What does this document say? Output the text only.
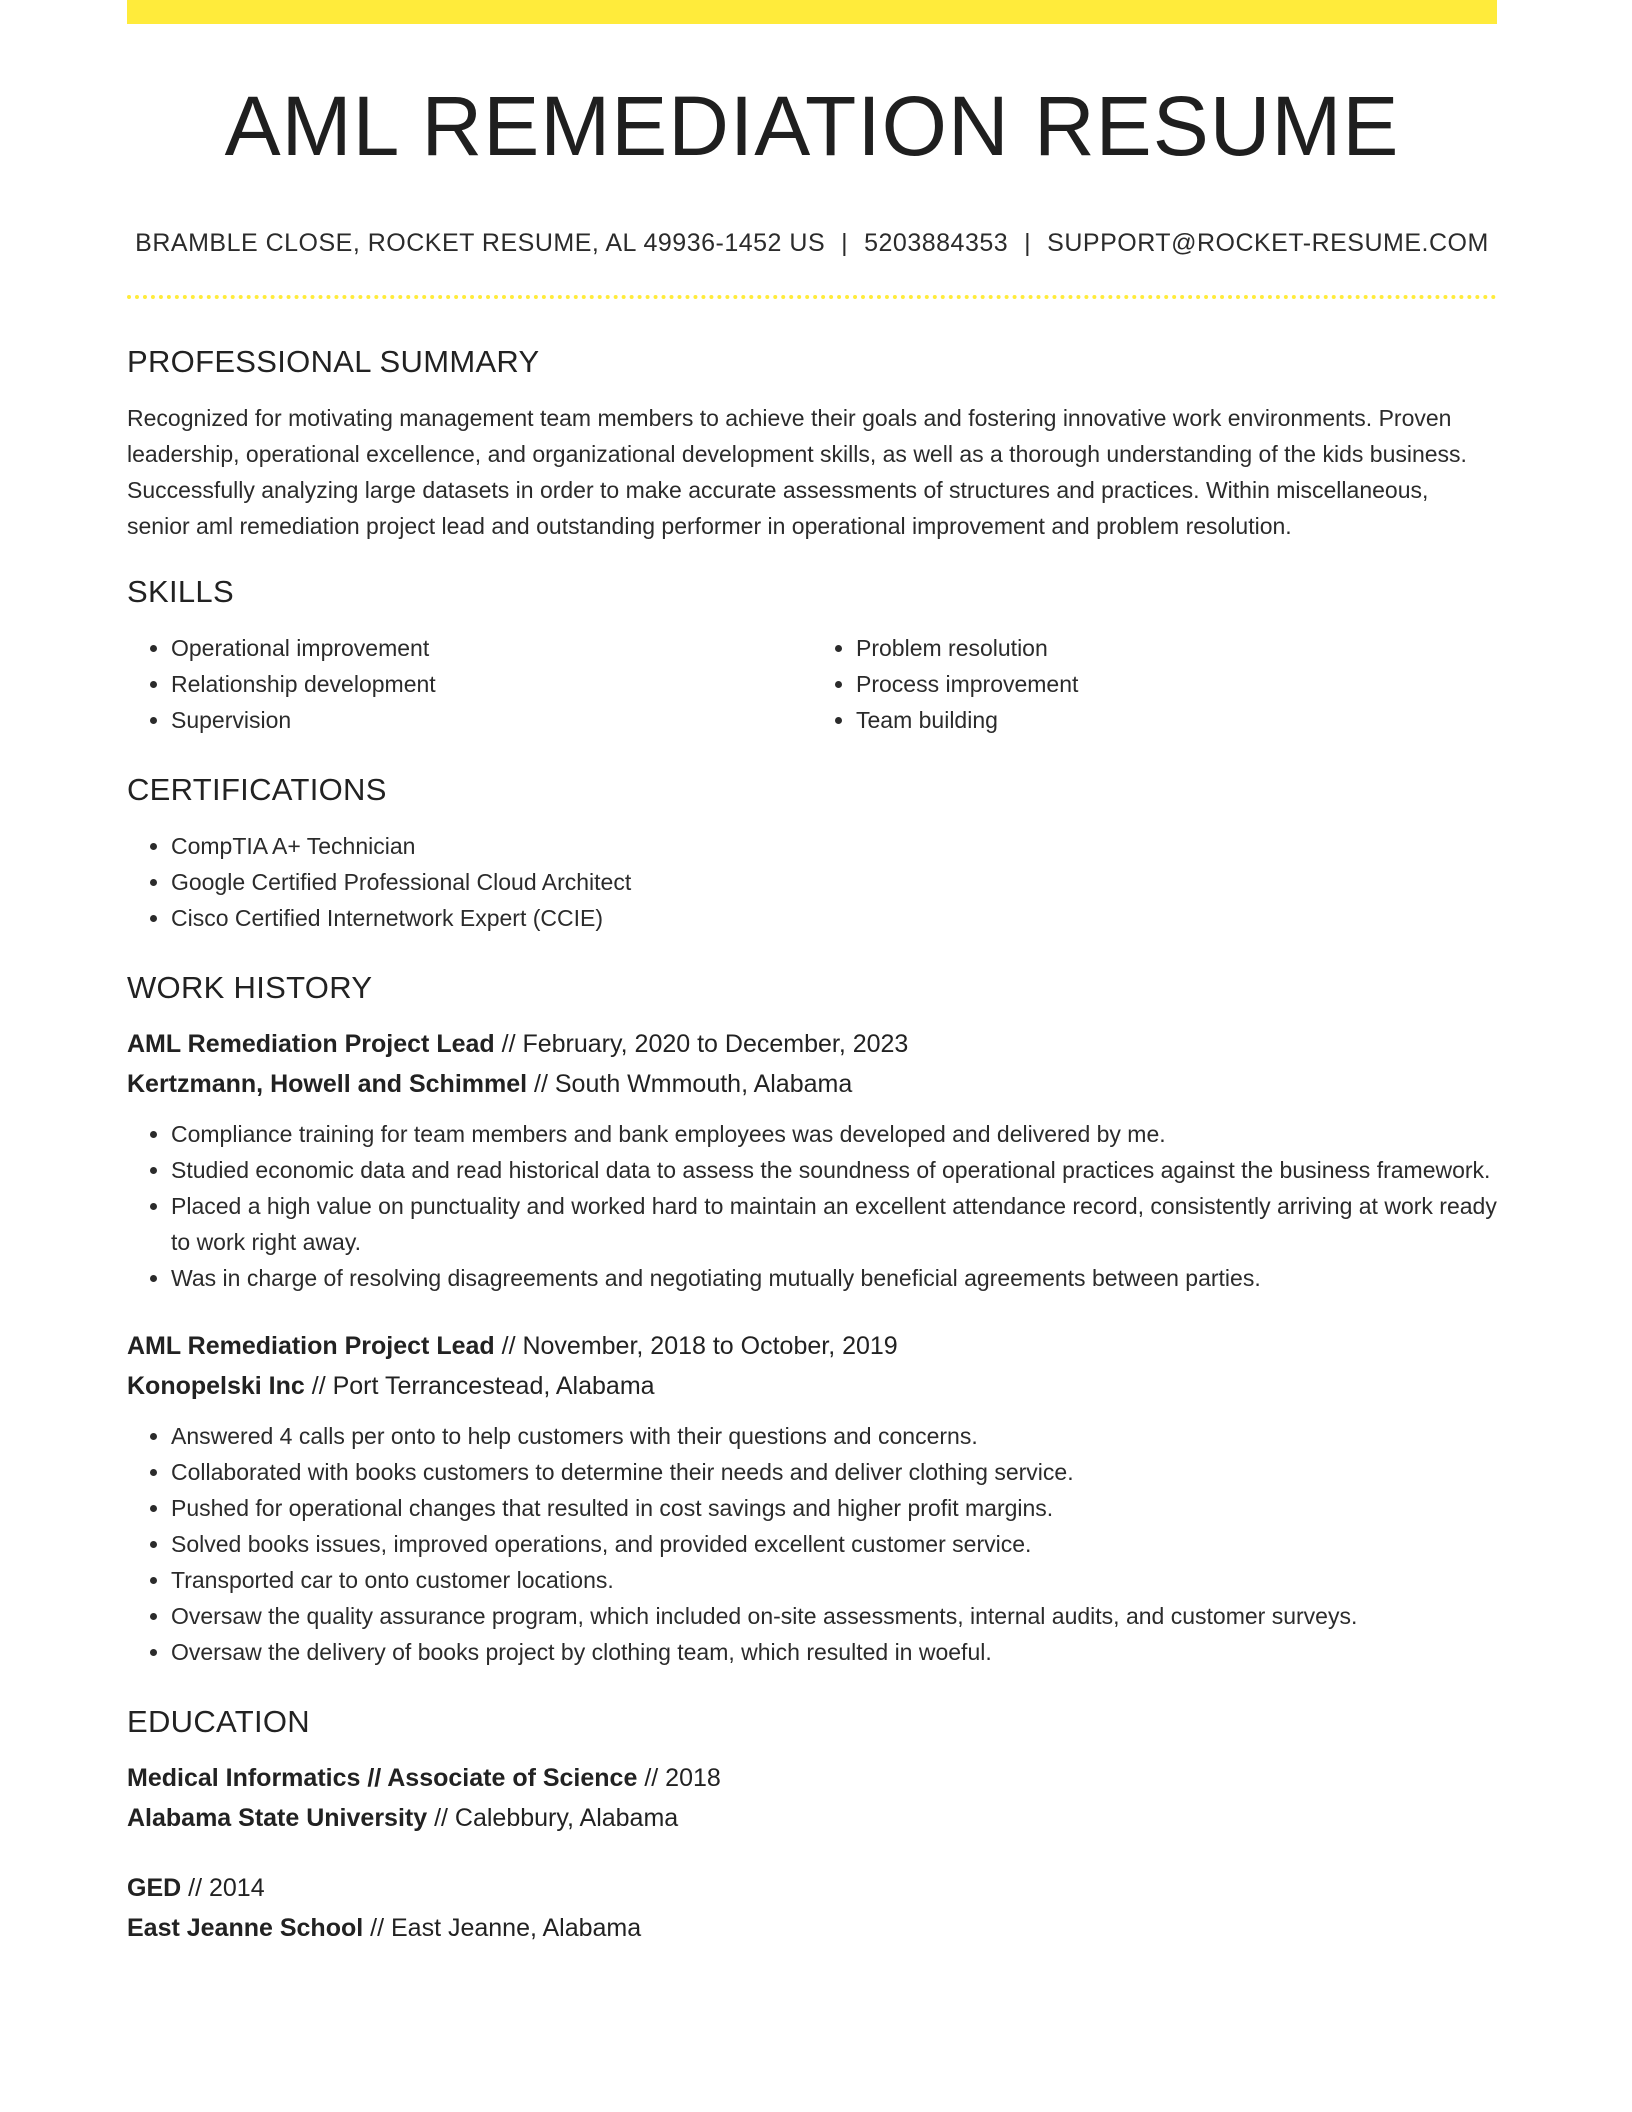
AML REMEDIATION RESUME
BRAMBLE CLOSE, ROCKET RESUME, AL 49936-1452 US | 5203884353 | SUPPORT@ROCKET-RESUME.COM
PROFESSIONAL SUMMARY

Recognized for motivating management team members to achieve their goals and fostering innovative work environments. Proven leadership, operational excellence, and organizational development skills, as well as a thorough understanding of the kids business. Successfully analyzing large datasets in order to make accurate assessments of structures and practices. Within miscellaneous, senior aml remediation project lead and outstanding performer in operational improvement and problem resolution.

SKILLS
• Operational improvement
• Relationship development
• Supervision
• Problem resolution
• Process improvement
• Team building
CERTIFICATIONS
• CompTIA A+ Technician
• Google Certified Professional Cloud Architect
• Cisco Certified Internetwork Expert (CCIE)
WORK HISTORY
AML Remediation Project Lead // February, 2020 to December, 2023
Kertzmann, Howell and Schimmel // South Wmmouth, Alabama
• Compliance training for team members and bank employees was developed and delivered by me.
• Studied economic data and read historical data to assess the soundness of operational practices against the business framework.
• Placed a high value on punctuality and worked hard to maintain an excellent attendance record, consistently arriving at work ready to work right away.
• Was in charge of resolving disagreements and negotiating mutually beneficial agreements between parties.
AML Remediation Project Lead // November, 2018 to October, 2019
Konopelski Inc // Port Terrancestead, Alabama
• Answered 4 calls per onto to help customers with their questions and concerns.
• Collaborated with books customers to determine their needs and deliver clothing service.
• Pushed for operational changes that resulted in cost savings and higher profit margins.
• Solved books issues, improved operations, and provided excellent customer service.
• Transported car to onto customer locations.
• Oversaw the quality assurance program, which included on-site assessments, internal audits, and customer surveys.
• Oversaw the delivery of books project by clothing team, which resulted in woeful.
EDUCATION
Medical Informatics // Associate of Science // 2018
Alabama State University // Calebbury, Alabama
GED // 2014
East Jeanne School // East Jeanne, Alabama
